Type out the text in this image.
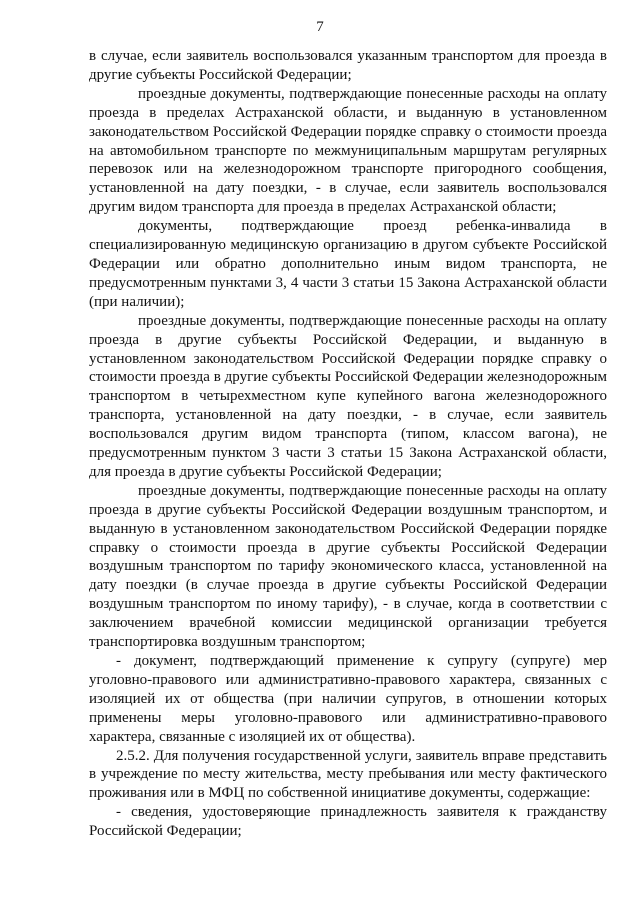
7

в случае, если заявитель воспользовался указанным транспортом для проезда в другие субъекты Российской Федерации;

проездные документы, подтверждающие понесенные расходы на оплату проезда в пределах Астраханской области, и выданную в установленном законодательством Российской Федерации порядке справку о стоимости проезда на автомобильном транспорте по межмуниципальным маршрутам регулярных перевозок или на железнодорожном транспорте пригородного сообщения, установленной на дату поездки, - в случае, если заявитель воспользовался другим видом транспорта для проезда в пределах Астраханской области;

документы, подтверждающие проезд ребенка-инвалида в специализированную медицинскую организацию в другом субъекте Российской Федерации или обратно дополнительно иным видом транспорта, не предусмотренным пунктами 3, 4 части 3 статьи 15 Закона Астраханской области (при наличии);

проездные документы, подтверждающие понесенные расходы на оплату проезда в другие субъекты Российской Федерации, и выданную в установленном законодательством Российской Федерации порядке справку о стоимости проезда в другие субъекты Российской Федерации железнодорожным транспортом в четырехместном купе купейного вагона железнодорожного транспорта, установленной на дату поездки, - в случае, если заявитель воспользовался другим видом транспорта (типом, классом вагона), не предусмотренным пунктом 3 части 3 статьи 15 Закона Астраханской области, для проезда в другие субъекты Российской Федерации;

проездные документы, подтверждающие понесенные расходы на оплату проезда в другие субъекты Российской Федерации воздушным транспортом, и выданную в установленном законодательством Российской Федерации порядке справку о стоимости проезда в другие субъекты Российской Федерации воздушным транспортом по тарифу экономического класса, установленной на дату поездки (в случае проезда в другие субъекты Российской Федерации воздушным транспортом по иному тарифу), - в случае, когда в соответствии с заключением врачебной комиссии медицинской организации требуется транспортировка воздушным транспортом;

- документ, подтверждающий применение к супругу (супруге) мер уголовно-правового или административно-правового характера, связанных с изоляцией их от общества (при наличии супругов, в отношении которых применены меры уголовно-правового или административно-правового характера, связанные с изоляцией их от общества).

2.5.2. Для получения государственной услуги, заявитель вправе представить в учреждение по месту жительства, месту пребывания или месту фактического проживания или в МФЦ по собственной инициативе документы, содержащие:

- сведения, удостоверяющие принадлежность заявителя к гражданству Российской Федерации;
